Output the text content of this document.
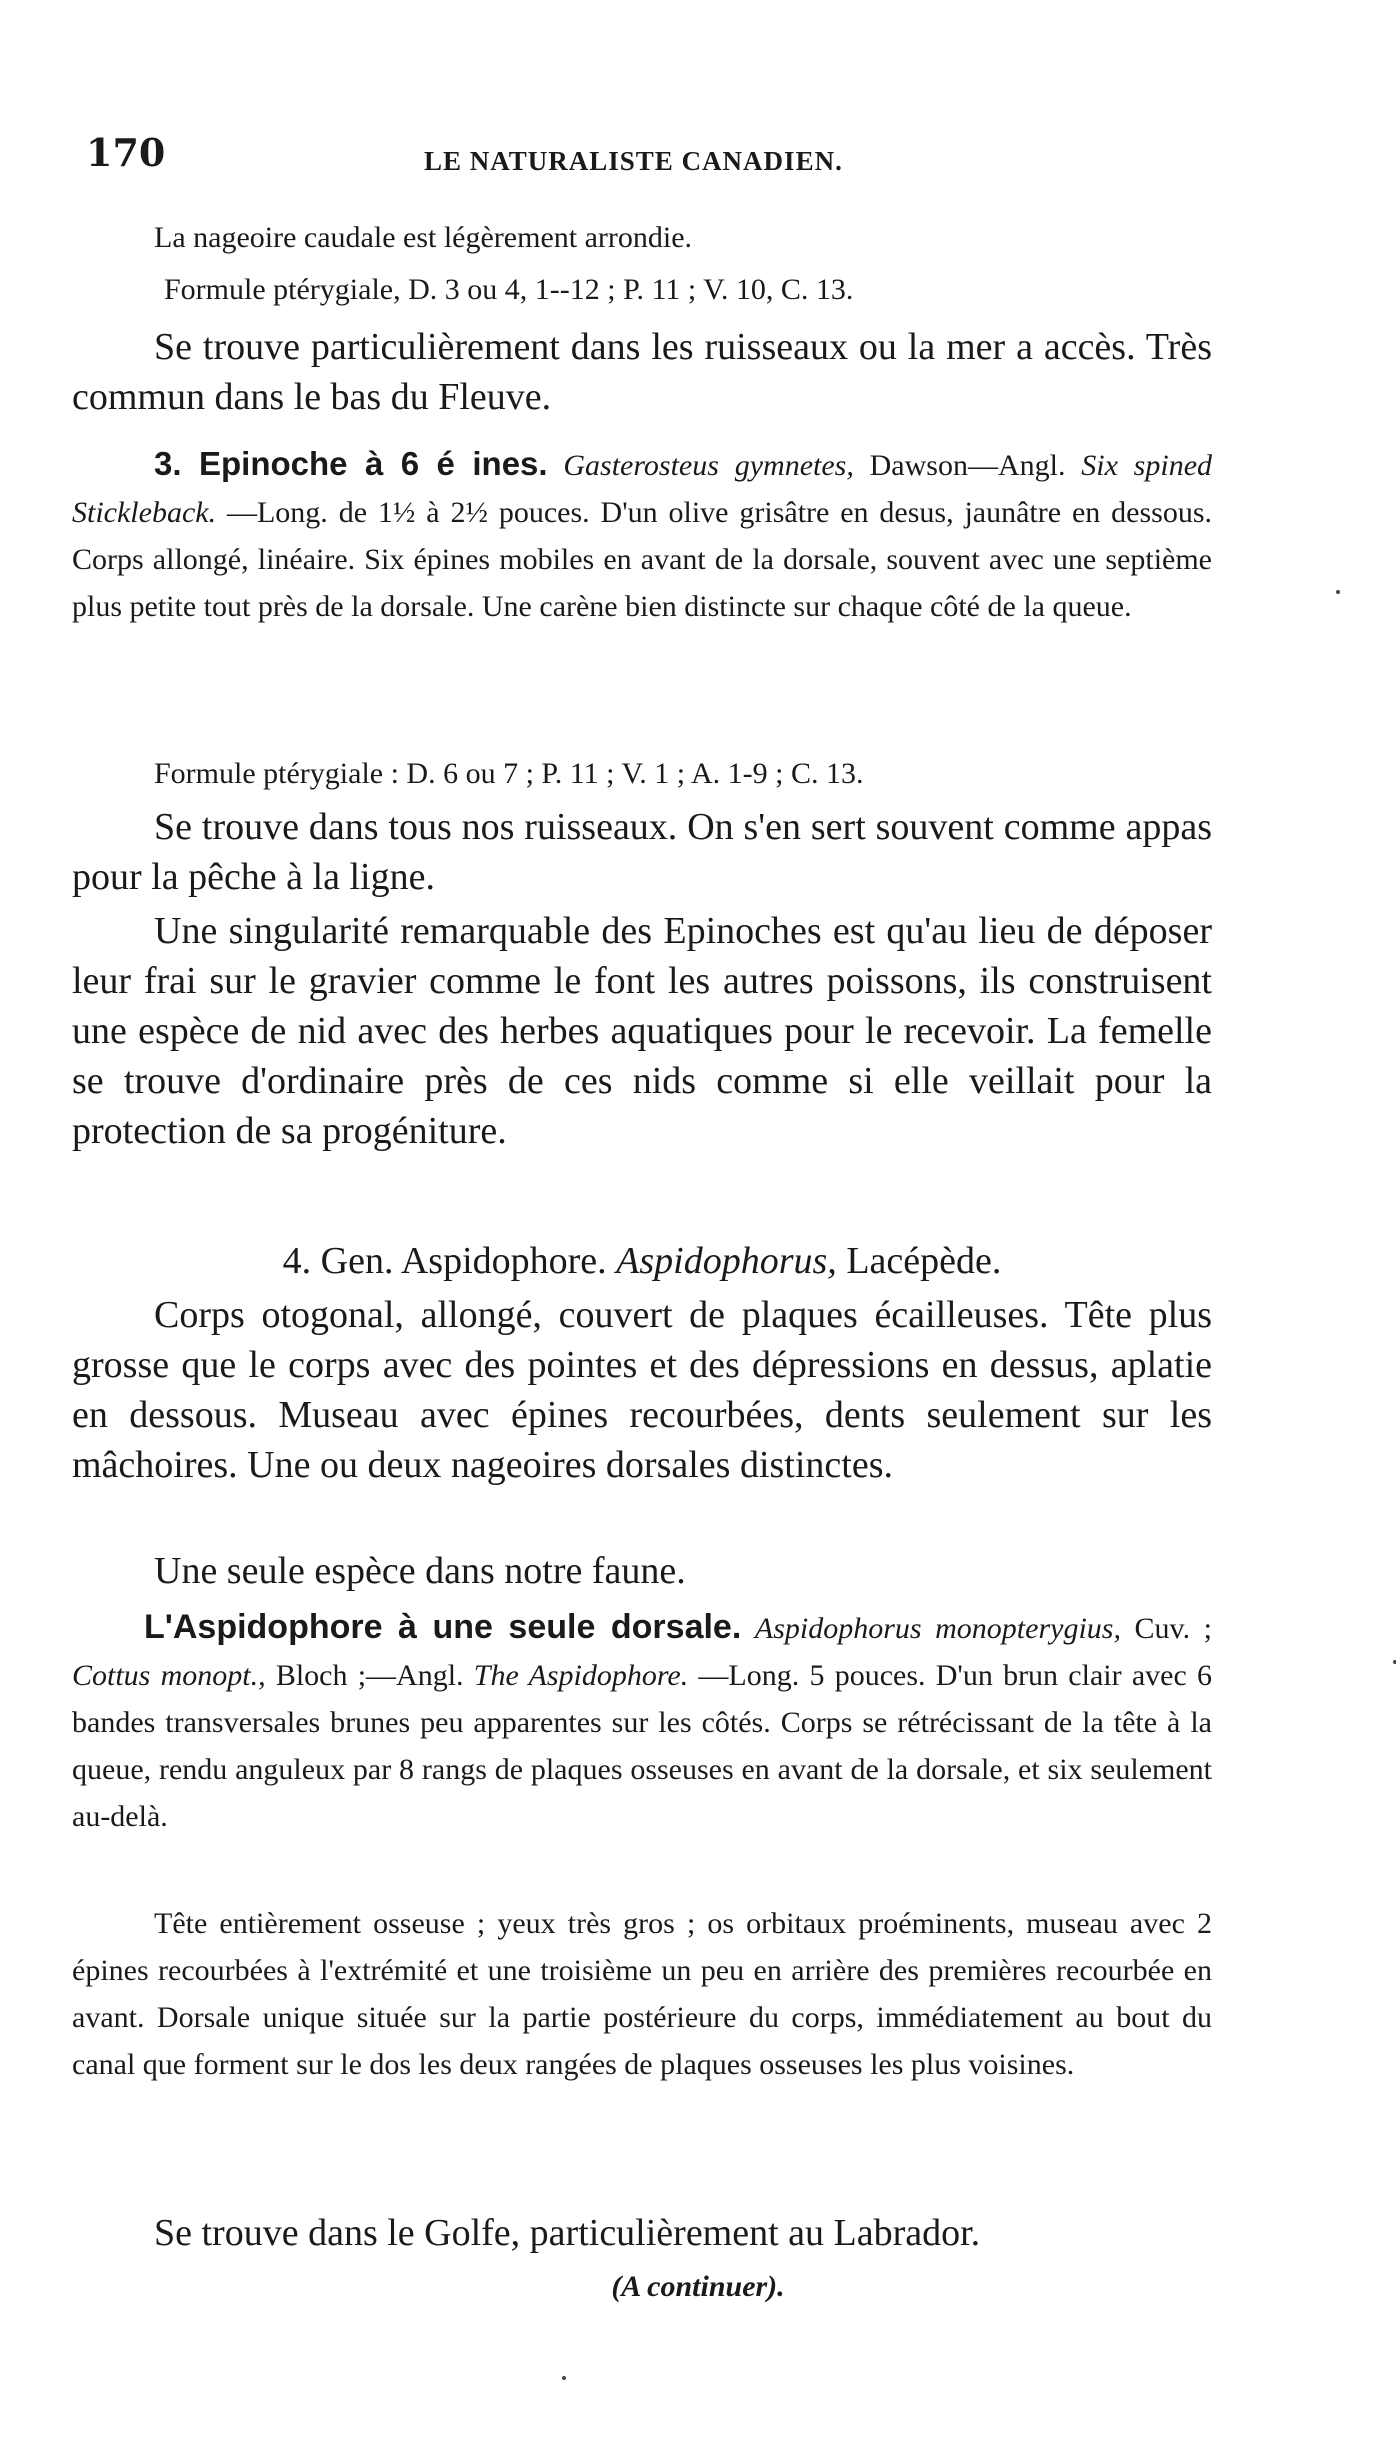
170	LE NATURALISTE CANADIEN.
La nageoire caudale est légèrement arrondie.
Formule ptérygiale, D. 3 ou 4, 1--12 ; P. 11 ; V. 10, C. 13.
Se trouve particulièrement dans les ruisseaux ou la mer a accès. Très commun dans le bas du Fleuve.
3. Epinoche à 6 é ines. Gasterosteus gymnetes, Dawson—Angl. Six spined Stickleback. —Long. de 1½ à 2½ pouces. D'un olive grisâtre en desus, jaunâtre en dessous. Corps allongé, linéaire. Six épines mobiles en avant de la dorsale, souvent avec une septième plus petite tout près de la dorsale. Une carène bien distincte sur chaque côté de la queue.
Formule ptérygiale : D. 6 ou 7 ; P. 11 ; V. 1 ; A. 1-9 ; C. 13.
Se trouve dans tous nos ruisseaux. On s'en sert souvent comme appas pour la pêche à la ligne.
Une singularité remarquable des Epinoches est qu'au lieu de déposer leur frai sur le gravier comme le font les autres poissons, ils construisent une espèce de nid avec des herbes aquatiques pour le recevoir. La femelle se trouve d'ordinaire près de ces nids comme si elle veillait pour la protection de sa progéniture.
4. Gen. Aspidophore. Aspidophorus, Lacépède.
Corps otogonal, allongé, couvert de plaques écailleuses. Tête plus grosse que le corps avec des pointes et des dépressions en dessus, aplatie en dessous. Museau avec épines recourbées, dents seulement sur les mâchoires. Une ou deux nageoires dorsales distinctes.
Une seule espèce dans notre faune.
L'Aspidophore à une seule dorsale. Aspidophorus monopterygius, Cuv. ; Cottus monopt., Bloch ;—Angl. The Aspidophore. —Long. 5 pouces. D'un brun clair avec 6 bandes transversales brunes peu apparentes sur les côtés. Corps se rétrécissant de la tête à la queue, rendu anguleux par 8 rangs de plaques osseuses en avant de la dorsale, et six seulement au-delà.
Tête entièrement osseuse ; yeux très gros ; os orbitaux proéminents, museau avec 2 épines recourbées à l'extrémité et une troisième un peu en arrière des premières recourbée en avant. Dorsale unique située sur la partie postérieure du corps, immédiatement au bout du canal que forment sur le dos les deux rangées de plaques osseuses les plus voisines.
Se trouve dans le Golfe, particulièrement au Labrador.
(A continuer).
